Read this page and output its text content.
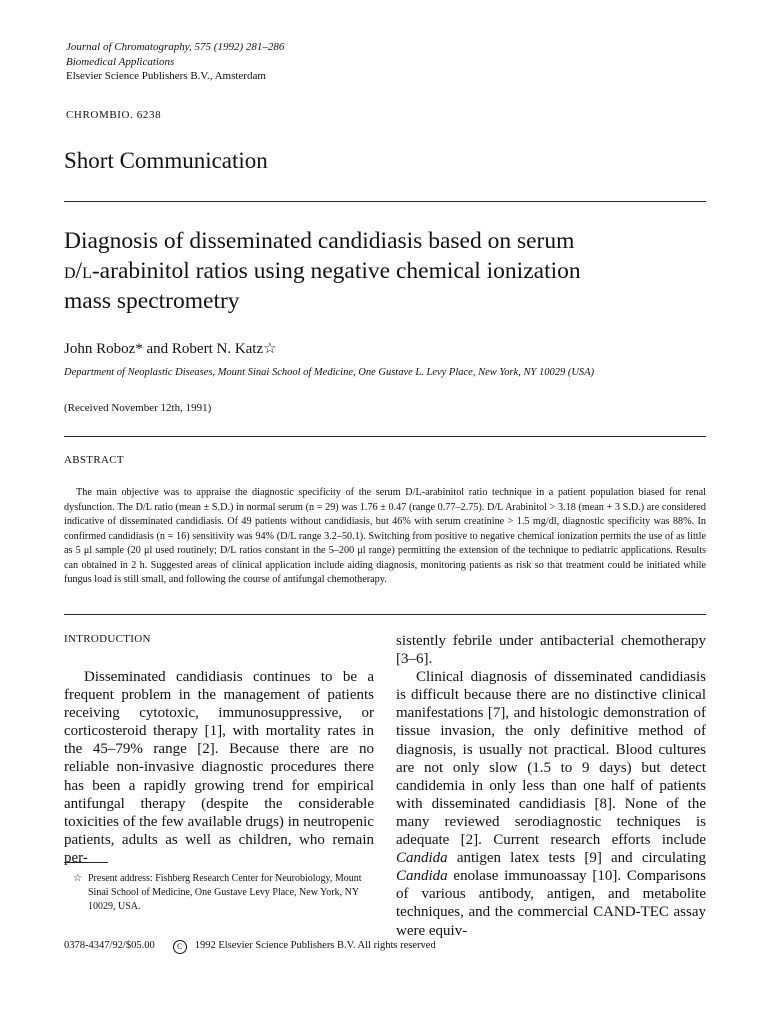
Journal of Chromatography, 575 (1992) 281–286
Biomedical Applications
Elsevier Science Publishers B.V., Amsterdam
CHROMBIO. 6238
Short Communication
Diagnosis of disseminated candidiasis based on serum
d/l-arabinitol ratios using negative chemical ionization
mass spectrometry
John Roboz* and Robert N. Katz☆
Department of Neoplastic Diseases, Mount Sinai School of Medicine, One Gustave L. Levy Place, New York, NY 10029 (USA)
(Received November 12th, 1991)
ABSTRACT
The main objective was to appraise the diagnostic specificity of the serum D/L-arabinitol ratio technique in a patient population biased for renal dysfunction. The D/L ratio (mean ± S.D.) in normal serum (n = 29) was 1.76 ± 0.47 (range 0.77–2.75). D/L Arabinitol > 3.18 (mean + 3 S.D.) are considered indicative of disseminated candidiasis. Of 49 patients without candidiasis, but 46% with serum creatinine > 1.5 mg/dl, diagnostic specificity was 88%. In confirmed candidiasis (n = 16) sensitivity was 94% (D/L range 3.2–50.1). Switching from positive to negative chemical ionization permits the use of as little as 5 μl sample (20 μl used routinely; D/L ratios constant in the 5–200 μl range) permitting the extension of the technique to pediatric applications. Results can obtained in 2 h. Suggested areas of clinical application include aiding diagnosis, monitoring patients as risk so that treatment could be initiated while fungus load is still small, and following the course of antifungal chemotherapy.
INTRODUCTION

Disseminated candidiasis continues to be a frequent problem in the management of patients receiving cytotoxic, immunosuppressive, or corticosteroid therapy [1], with mortality rates in the 45–79% range [2]. Because there are no reliable non-invasive diagnostic procedures there has been a rapidly growing trend for empirical antifungal therapy (despite the considerable toxicities of the few available drugs) in neutropenic patients, adults as well as children, who remain per-

☆ Present address: Fishberg Research Center for Neurobiology, Mount Sinai School of Medicine, One Gustave Levy Place, New York, NY 10029, USA.

sistently febrile under antibacterial chemotherapy [3–6].

Clinical diagnosis of disseminated candidiasis is difficult because there are no distinctive clinical manifestations [7], and histologic demonstration of tissue invasion, the only definitive method of diagnosis, is usually not practical. Blood cultures are not only slow (1.5 to 9 days) but detect candidemia in only less than one half of patients with disseminated candidiasis [8]. None of the many reviewed serodiagnostic techniques is adequate [2]. Current research efforts include Candida antigen latex tests [9] and circulating Candida enolase immunoassay [10]. Comparisons of various antibody, antigen, and metabolite techniques, and the commercial CAND-TEC assay were equiv-

0378-4347/92/$05.00	C 1992 Elsevier Science Publishers B.V. All rights reserved
